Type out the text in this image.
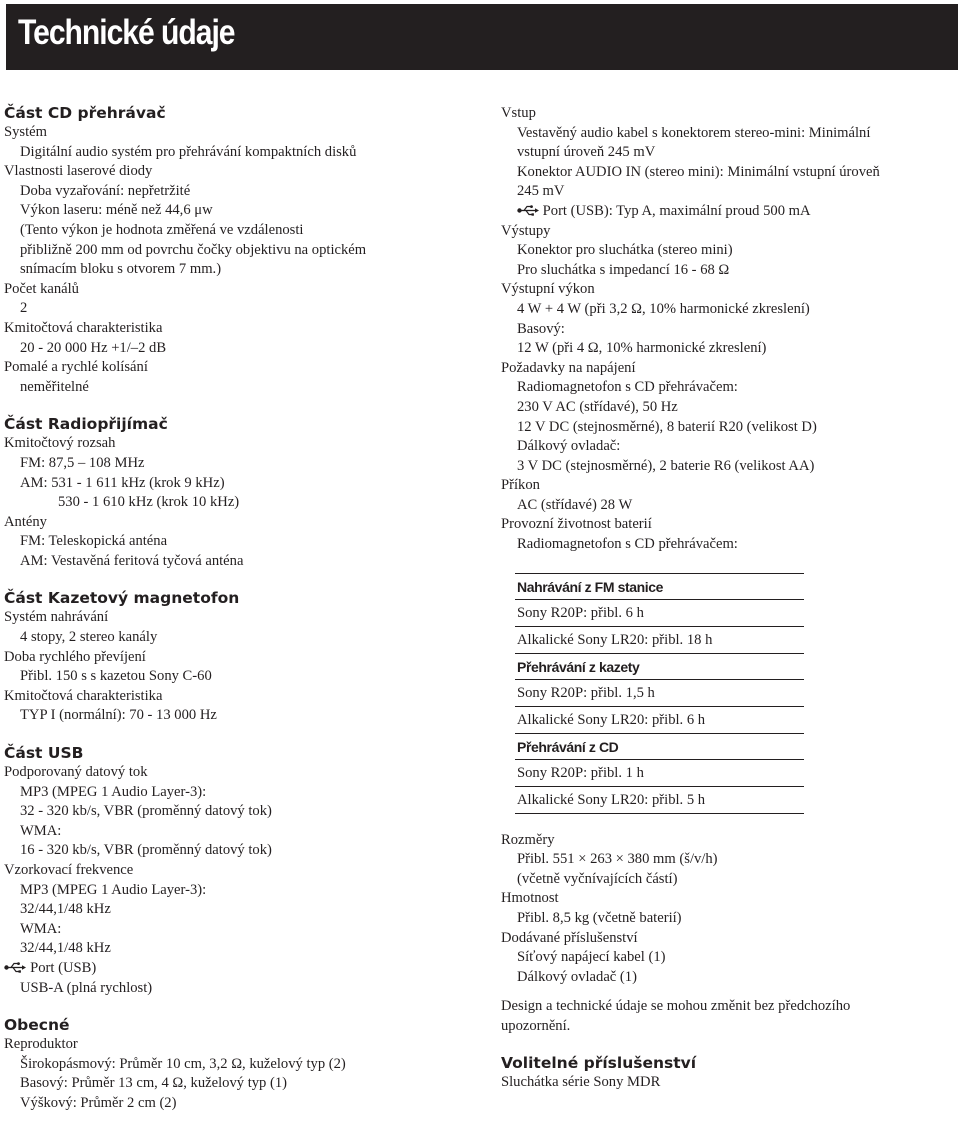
Technické údaje
Část CD přehrávač
Systém
Digitální audio systém pro přehrávání kompaktních disků
Vlastnosti laserové diody
Doba vyzařování: nepřetržité
Výkon laseru: méně než 44,6 μw
(Tento výkon je hodnota změřená ve vzdálenosti
přibližně 200 mm od povrchu čočky objektivu na optickém
snímacím bloku s otvorem 7 mm.)
Počet kanálů
2
Kmitočtová charakteristika
20 - 20 000 Hz +1/–2 dB
Pomalé a rychlé kolísání
neměřitelné
Část Radiopřijímač
Kmitočtový rozsah
FM: 87,5 – 108 MHz
AM: 531 - 1 611 kHz (krok 9 kHz)
530 - 1 610 kHz (krok 10 kHz)
Antény
FM: Teleskopická anténa
AM: Vestavěná feritová tyčová anténa
Část Kazetový magnetofon
Systém nahrávání
4 stopy, 2 stereo kanály
Doba rychlého převíjení
Přibl. 150 s s kazetou Sony C-60
Kmitočtová charakteristika
TYP I (normální): 70 - 13 000 Hz
Část USB
Podporovaný datový tok
MP3 (MPEG 1 Audio Layer-3):
32 - 320 kb/s, VBR (proměnný datový tok)
WMA:
16 - 320 kb/s, VBR (proměnný datový tok)
Vzorkovací frekvence
MP3 (MPEG 1 Audio Layer-3):
32/44,1/48 kHz
WMA:
32/44,1/48 kHz
Port (USB)
USB-A (plná rychlost)
Obecné
Reproduktor
Širokopásmový: Průměr 10 cm, 3,2 Ω, kuželový typ (2)
Basový: Průměr 13 cm, 4 Ω, kuželový typ (1)
Výškový: Průměr 2 cm (2)
Vstup
Vestavěný audio kabel s konektorem stereo-mini: Minimální
vstupní úroveň 245 mV
Konektor AUDIO IN (stereo mini): Minimální vstupní úroveň
245 mV
Port (USB): Typ A, maximální proud 500 mA
Výstupy
Konektor pro sluchátka (stereo mini)
Pro sluchátka s impedancí 16 - 68 Ω
Výstupní výkon
4 W + 4 W (při 3,2 Ω, 10% harmonické zkreslení)
Basový:
12 W (při 4 Ω, 10% harmonické zkreslení)
Požadavky na napájení
Radiomagnetofon s CD přehrávačem:
230 V AC (střídavé), 50 Hz
12 V DC (stejnosměrné), 8 baterií R20 (velikost D)
Dálkový ovladač:
3 V DC (stejnosměrné), 2 baterie R6 (velikost AA)
Příkon
AC (střídavé) 28 W
Provozní životnost baterií
Radiomagnetofon s CD přehrávačem:
Nahrávání z FM stanice
Sony R20P: přibl. 6 h
Alkalické Sony LR20: přibl. 18 h
Přehrávání z kazety
Sony R20P: přibl. 1,5 h
Alkalické Sony LR20: přibl. 6 h
Přehrávání z CD
Sony R20P: přibl. 1 h
Alkalické Sony LR20: přibl. 5 h
Rozměry
Přibl. 551 × 263 × 380 mm (š/v/h)
(včetně vyčnívajících částí)
Hmotnost
Přibl. 8,5 kg (včetně baterií)
Dodávané příslušenství
Síťový napájecí kabel (1)
Dálkový ovladač (1)
Design a technické údaje se mohou změnit bez předchozího
upozornění.
Volitelné příslušenství
Sluchátka série Sony MDR
